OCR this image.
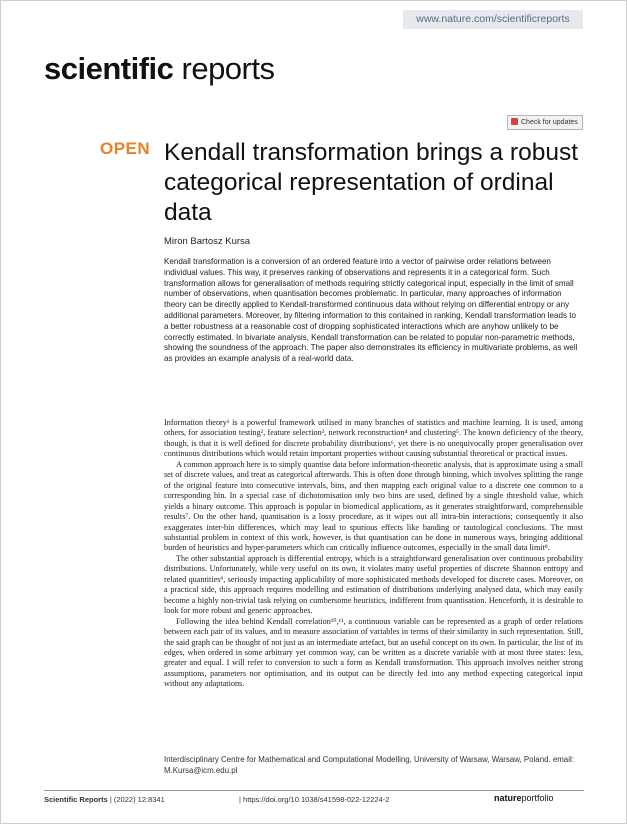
www.nature.com/scientificreports
scientific reports
Check for updates
OPEN Kendall transformation brings a robust categorical representation of ordinal data
Miron Bartosz Kursa
Kendall transformation is a conversion of an ordered feature into a vector of pairwise order relations between individual values. This way, it preserves ranking of observations and represents it in a categorical form. Such transformation allows for generalisation of methods requiring strictly categorical input, especially in the limit of small number of observations, when quantisation becomes problematic. In particular, many approaches of information theory can be directly applied to Kendall-transformed continuous data without relying on differential entropy or any additional parameters. Moreover, by filtering information to this contained in ranking, Kendall transformation leads to a better robustness at a reasonable cost of dropping sophisticated interactions which are anyhow unlikely to be correctly estimated. In bivariate analysis, Kendall transformation can be related to popular non-parametric methods, showing the soundness of the approach. The paper also demonstrates its efficiency in multivariate problems, as well as provides an example analysis of a real-world data.

Information theory¹ is a powerful framework utilised in many branches of statistics and machine learning. It is used, among others, for association testing², feature selection³, network reconstruction⁴ and clustering⁵. The known deficiency of the theory, though, is that it is well defined for discrete probability distributions⁶, yet there is no unequivocally proper generalisation over continuous distributions which would retain important properties without causing substantial theoretical or practical issues.

A common approach here is to simply quantise data before information-theoretic analysis, that is approximate using a small set of discrete values, and treat as categorical afterwards. This is often done through binning, which involves splitting the range of the original feature into consecutive intervals, bins, and then mapping each original value to a discrete one common to a corresponding bin. In a special case of dichotomisation only two bins are used, defined by a single threshold value, which yields a binary outcome. This approach is popular in biomedical applications, as it generates straightforward, comprehensible results⁷. On the other hand, quantisation is a lossy procedure, as it wipes out all intra-bin interactions; consequently it also exaggerates inter-bin differences, which may lead to spurious effects like banding or tautological conclusions. The most substantial problem in context of this work, however, is that quantisation can be done in numerous ways, bringing additional burden of heuristics and hyper-parameters which can critically influence outcomes, especially in the small data limit⁸.

The other substantial approach is differential entropy, which is a straightforward generalisation over continuous probability distributions. Unfortunately, while very useful on its own, it violates many useful properties of discrete Shannon entropy and related quantities⁹, seriously impacting applicability of more sophisticated methods developed for discrete cases. Moreover, on a practical side, this approach requires modelling and estimation of distributions underlying analysed data, which may easily become a highly non-trivial task relying on cumbersome heuristics, indifferent from quantisation. Henceforth, it is desirable to look for more robust and generic approaches.

Following the idea behind Kendall correlation¹⁰,¹¹, a continuous variable can be represented as a graph of order relations between each pair of its values, and to measure association of variables in terms of their similarity in such representation. Still, the said graph can be thought of not just as an intermediate artefact, but an useful concept on its own. In particular, the list of its edges, when ordered in some arbitrary yet common way, can be written as a discrete variable with at most three states: less, greater and equal. I will refer to conversion to such a form as Kendall transformation. This approach involves neither strong assumptions, parameters nor optimisation, and its output can be directly fed into any method expecting categorical input without any adaptations.

Interdisciplinary Centre for Mathematical and Computational Modelling, University of Warsaw, Warsaw, Poland. email: M.Kursa@icm.edu.pl
Scientific Reports | (2022) 12:8341	| https://doi.org/10.1038/s41598-022-12224-2	natureportfolio
